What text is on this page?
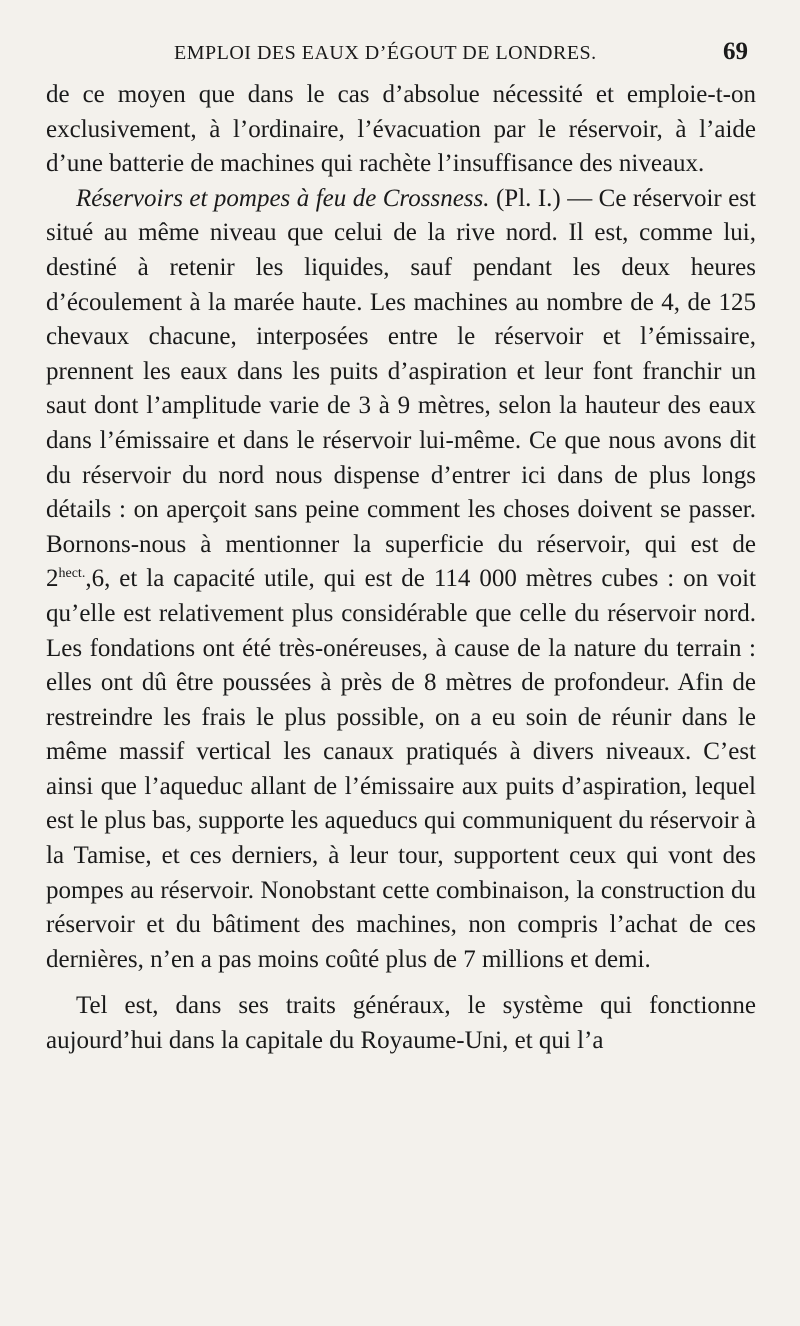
EMPLOI DES EAUX D’ÉGOUT DE LONDRES.	69

de ce moyen que dans le cas d’absolue nécessité et emploie-t-on exclusivement, à l’ordinaire, l’évacuation par le réservoir, à l’aide d’une batterie de machines qui rachète l’insuffisance des niveaux.

Réservoirs et pompes à feu de Crossness. (Pl. I.) — Ce réservoir est situé au même niveau que celui de la rive nord. Il est, comme lui, destiné à retenir les liquides, sauf pendant les deux heures d’écoulement à la marée haute. Les machines au nombre de 4, de 125 chevaux chacune, interposées entre le réservoir et l’émissaire, prennent les eaux dans les puits d’aspiration et leur font franchir un saut dont l’amplitude varie de 3 à 9 mètres, selon la hauteur des eaux dans l’émissaire et dans le réservoir lui-même. Ce que nous avons dit du réservoir du nord nous dispense d’entrer ici dans de plus longs détails : on aperçoit sans peine comment les choses doivent se passer. Bornons-nous à mentionner la superficie du réservoir, qui est de $2^{hect.},6$, et la capacité utile, qui est de 114 000 mètres cubes : on voit qu’elle est relativement plus considérable que celle du réservoir nord. Les fondations ont été très-onéreuses, à cause de la nature du terrain : elles ont dû être poussées à près de 8 mètres de profondeur. Afin de restreindre les frais le plus possible, on a eu soin de réunir dans le même massif vertical les canaux pratiqués à divers niveaux. C’est ainsi que l’aqueduc allant de l’émissaire aux puits d’aspiration, lequel est le plus bas, supporte les aqueducs qui communiquent du réservoir à la Tamise, et ces derniers, à leur tour, supportent ceux qui vont des pompes au réservoir. Nonobstant cette combinaison, la construction du réservoir et du bâtiment des machines, non compris l’achat de ces dernières, n’en a pas moins coûté plus de 7 millions et demi.

Tel est, dans ses traits généraux, le système qui fonctionne aujourd’hui dans la capitale du Royaume-Uni, et qui l’a
